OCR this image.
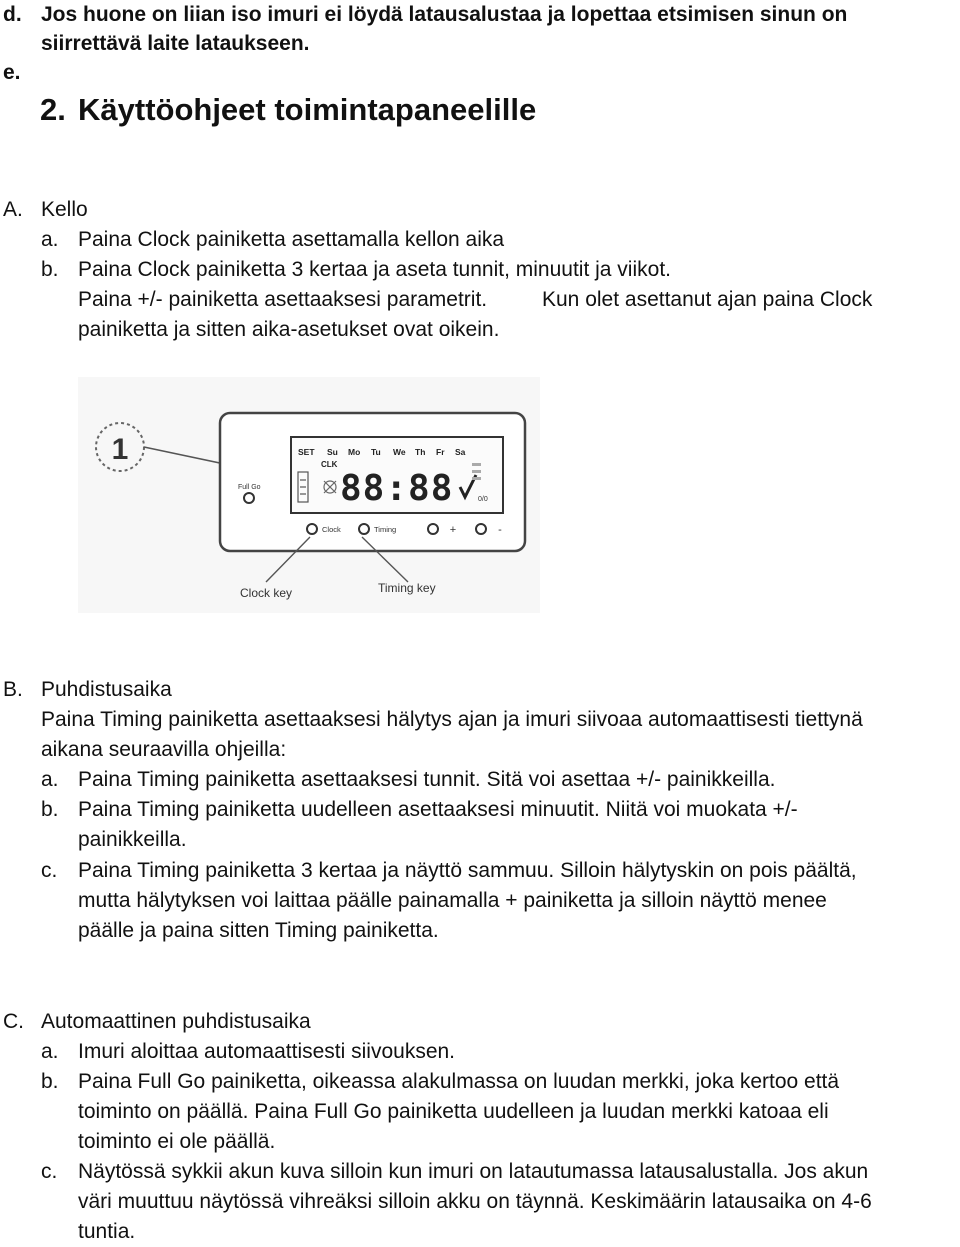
d. Jos huone on liian iso imuri ei löydä latausalustaa ja lopettaa etsimisen sinun on
siirrettävä laite lataukseen.
e.
2. Käyttöohjeet toimintapaneelille
A. Kello
a. Paina Clock painiketta asettamalla kellon aika
b. Paina Clock painiketta 3 kertaa ja aseta tunnit, minuutit ja viikot.
Paina +/- painiketta asettaaksesi parametrit.	Kun olet asettanut ajan paina Clock
painiketta ja sitten aika-asetukset ovat oikein.
1	SET Su Mo Tu We Th Fr Sa
CLK
88:88	0/0
Full Go
Clock	Timing	+	-
Clock key	Timing key
B. Puhdistusaika
Paina Timing painiketta asettaaksesi hälytys ajan ja imuri siivoaa automaattisesti tiettynä
aikana seuraavilla ohjeilla:
a. Paina Timing painiketta asettaaksesi tunnit. Sitä voi asettaa +/- painikkeilla.
b. Paina Timing painiketta uudelleen asettaaksesi minuutit. Niitä voi muokata +/-
painikkeilla.
c. Paina Timing painiketta 3 kertaa ja näyttö sammuu. Silloin hälytyskin on pois päältä,
mutta hälytyksen voi laittaa päälle painamalla + painiketta ja silloin näyttö menee
päälle ja paina sitten Timing painiketta.
C. Automaattinen puhdistusaika
a. Imuri aloittaa automaattisesti siivouksen.
b. Paina Full Go painiketta, oikeassa alakulmassa on luudan merkki, joka kertoo että
toiminto on päällä. Paina Full Go painiketta uudelleen ja luudan merkki katoaa eli
toiminto ei ole päällä.
c. Näytössä sykkii akun kuva silloin kun imuri on latautumassa latausalustalla. Jos akun
väri muuttuu näytössä vihreäksi silloin akku on täynnä. Keskimäärin latausaika on 4-6
tuntia.
